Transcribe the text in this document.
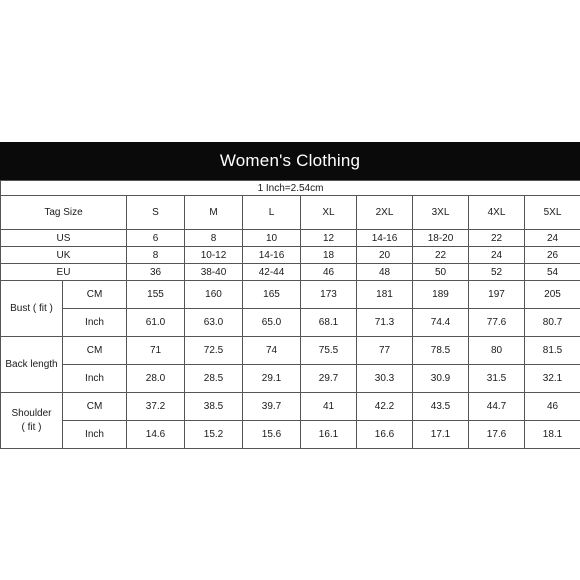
Women's Clothing
1 Inch=2.54cm									
Tag Size		S	M	L	XL	2XL	3XL	4XL	5XL
US		6	8	10	12	14-16	18-20	22	24
UK		8	10-12	14-16	18	20	22	24	26
EU		36	38-40	42-44	46	48	50	52	54
Bust ( fit )	CM	155	160	165	173	181	189	197	205
	Inch	61.0	63.0	65.0	68.1	71.3	74.4	77.6	80.7
Back length	CM	71	72.5	74	75.5	77	78.5	80	81.5
	Inch	28.0	28.5	29.1	29.7	30.3	30.9	31.5	32.1
Shoulder
( fit )	CM	37.2	38.5	39.7	41	42.2	43.5	44.7	46
	Inch	14.6	15.2	15.6	16.1	16.6	17.1	17.6	18.1
